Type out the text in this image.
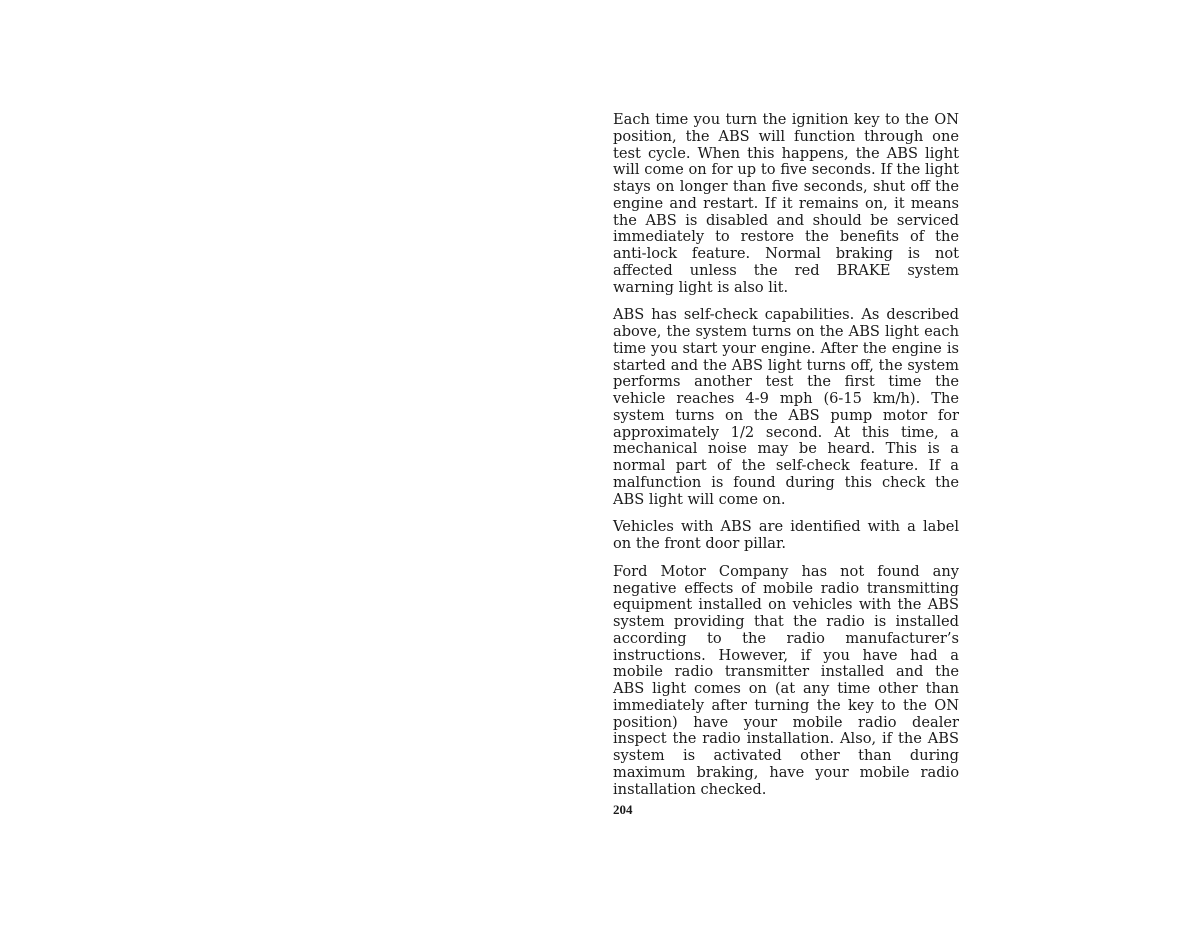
Each time you turn the ignition key to the ON position, the ABS will function through one test cycle. When this happens, the ABS light will come on for up to five seconds. If the light stays on longer than five seconds, shut off the engine and restart. If it remains on, it means the ABS is disabled and should be serviced immediately to restore the benefits of the anti-lock feature. Normal braking is not affected unless the red BRAKE system warning light is also lit.

ABS has self-check capabilities. As described above, the system turns on the ABS light each time you start your engine. After the engine is started and the ABS light turns off, the system performs another test the first time the vehicle reaches 4-9 mph (6-15 km/h). The system turns on the ABS pump motor for approximately 1/2 second. At this time, a mechanical noise may be heard. This is a normal part of the self-check feature. If a malfunction is found during this check the ABS light will come on.

Vehicles with ABS are identified with a label on the front door pillar.

Ford Motor Company has not found any negative effects of mobile radio transmitting equipment installed on vehicles with the ABS system providing that the radio is installed according to the radio manufacturer’s instructions. However, if you have had a mobile radio transmitter installed and the ABS light comes on (at any time other than immediately after turning the key to the ON position) have your mobile radio dealer inspect the radio installation. Also, if the ABS system is activated other than during maximum braking, have your mobile radio installation checked.

204
